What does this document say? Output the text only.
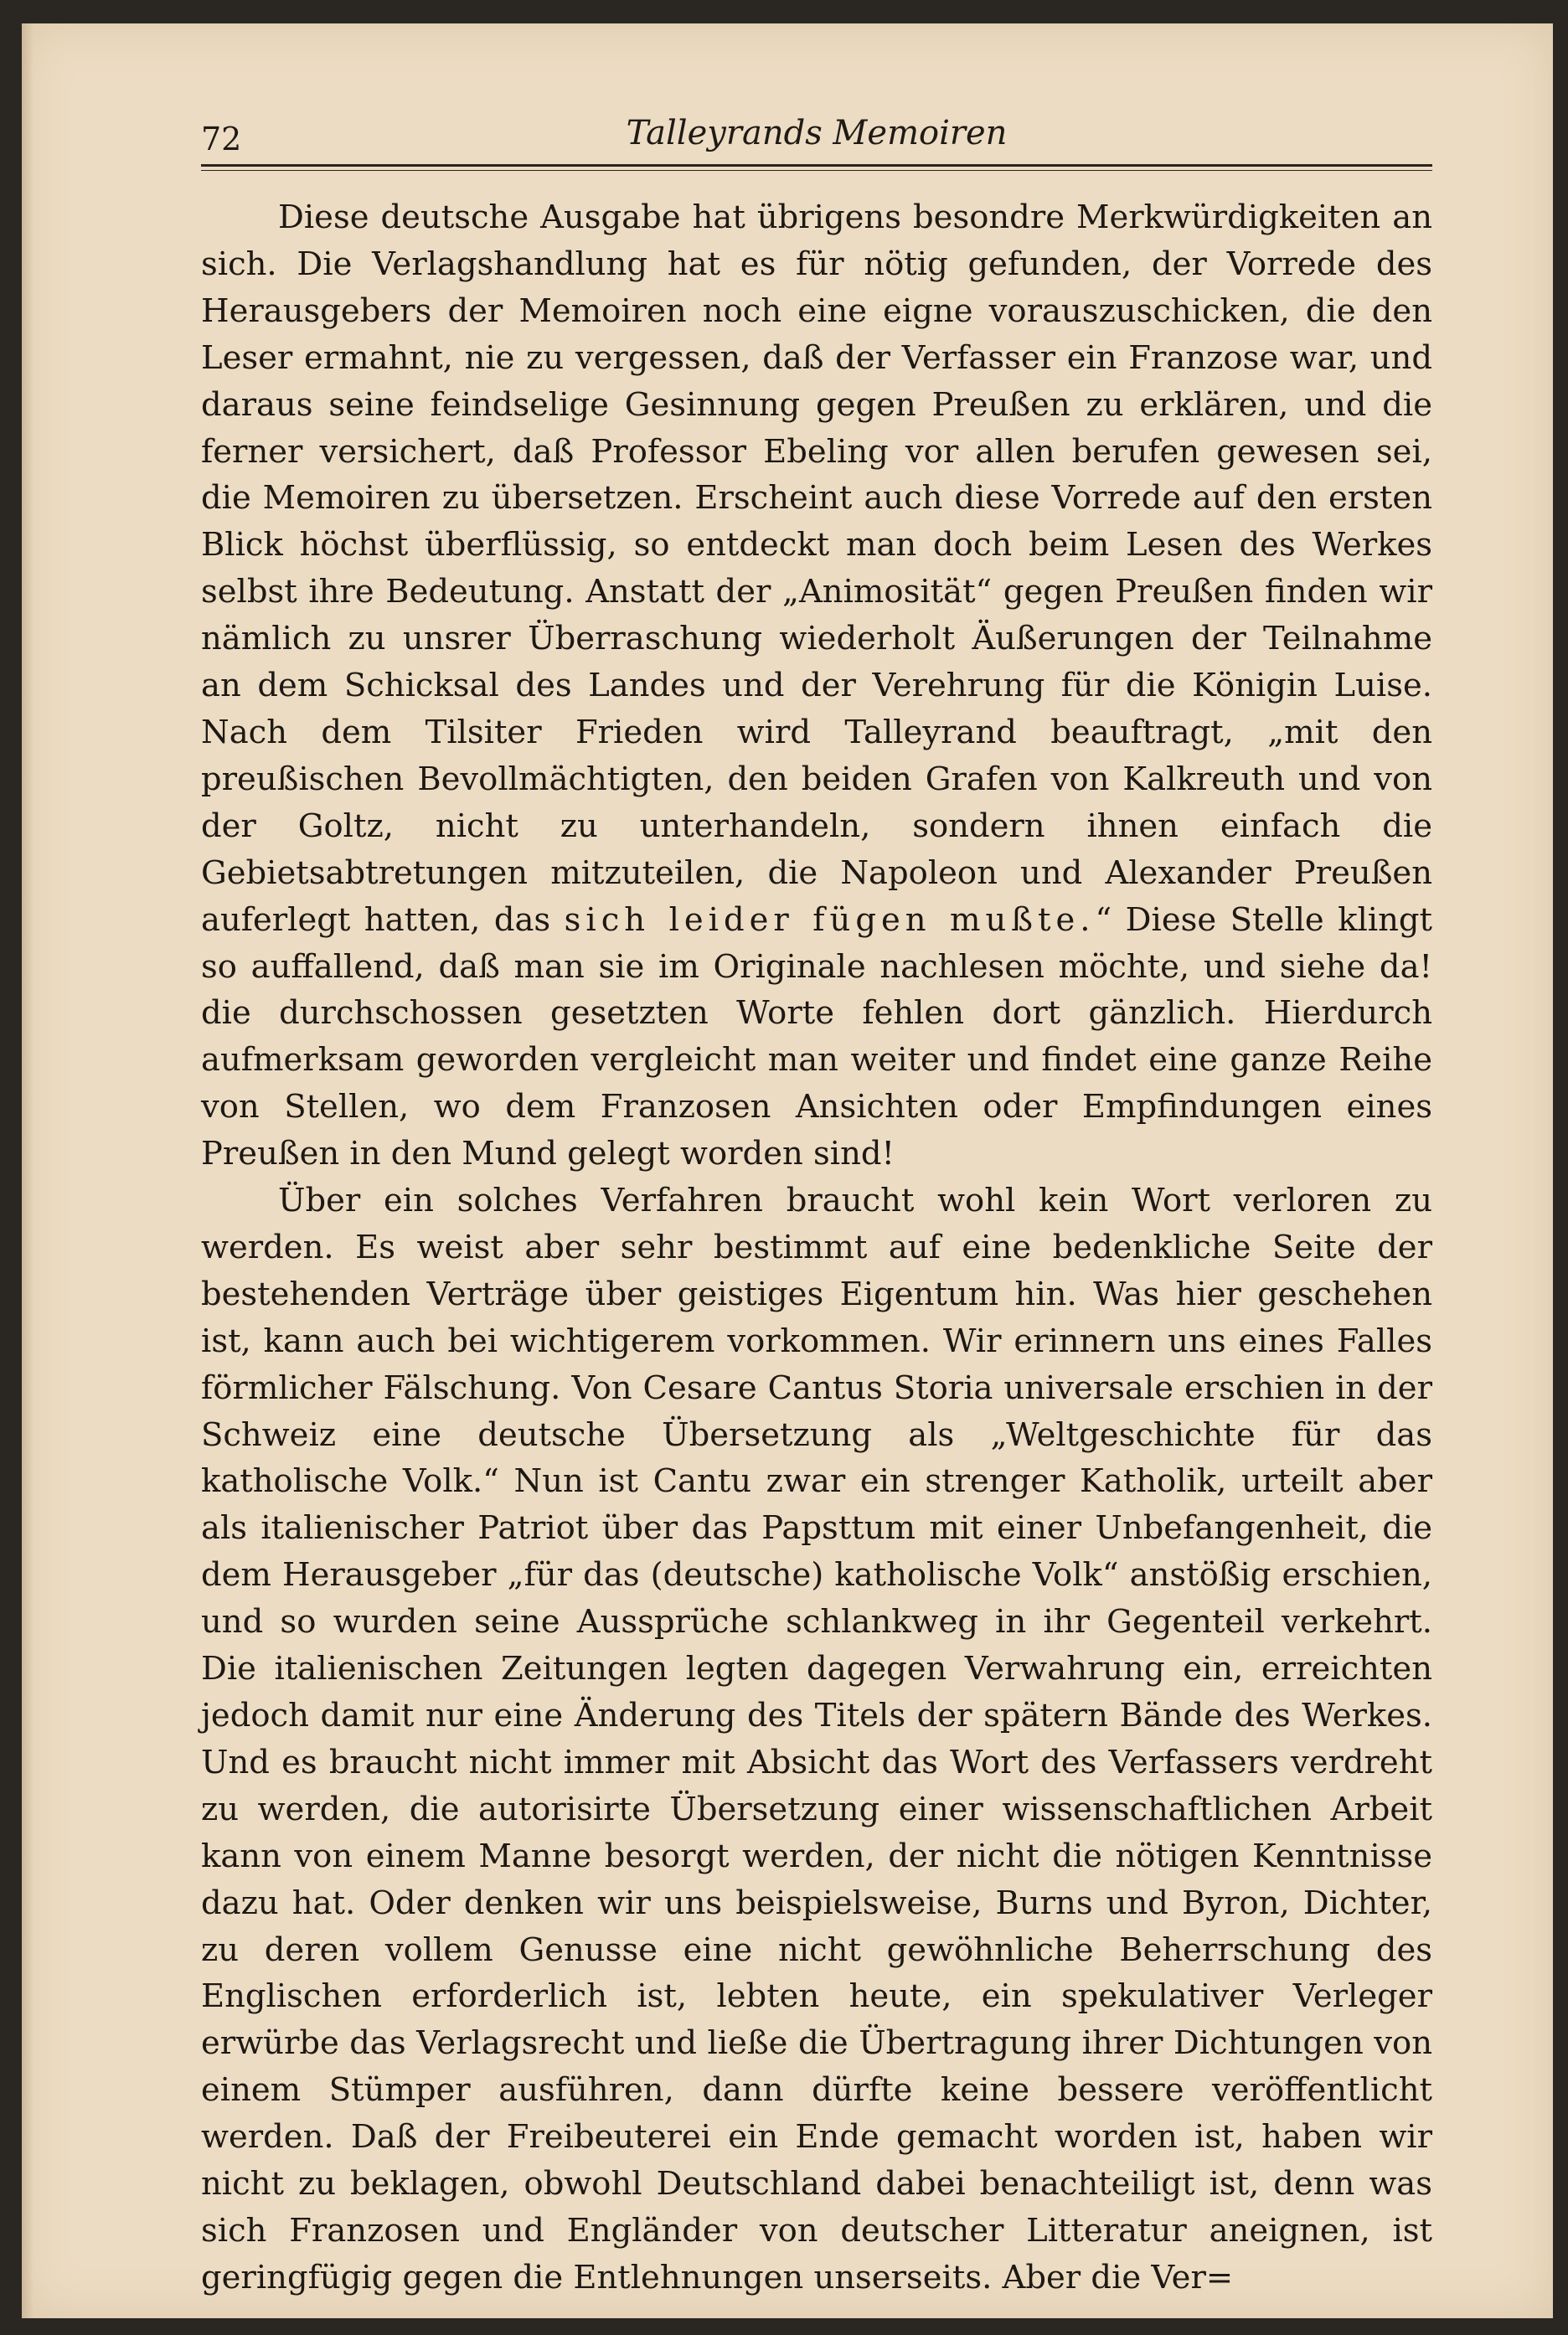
72	Talleyrands Memoiren

Diese deutsche Ausgabe hat übrigens besondre Merkwürdigkeiten an sich. Die Verlagshandlung hat es für nötig gefunden, der Vorrede des Herausgebers der Memoiren noch eine eigne vorauszuschicken, die den Leser ermahnt, nie zu vergessen, daß der Verfasser ein Franzose war, und daraus seine feindselige Gesinnung gegen Preußen zu erklären, und die ferner versichert, daß Professor Ebeling vor allen berufen gewesen sei, die Memoiren zu übersetzen. Erscheint auch diese Vorrede auf den ersten Blick höchst überflüssig, so entdeckt man doch beim Lesen des Werkes selbst ihre Bedeutung. Anstatt der „Animosität“ gegen Preußen finden wir nämlich zu unsrer Überraschung wiederholt Äußerungen der Teilnahme an dem Schicksal des Landes und der Verehrung für die Königin Luise. Nach dem Tilsiter Frieden wird Talleyrand beauftragt, „mit den preußischen Bevollmächtigten, den beiden Grafen von Kalkreuth und von der Goltz, nicht zu unterhandeln, sondern ihnen einfach die Gebietsabtretungen mitzuteilen, die Napoleon und Alexander Preußen auferlegt hatten, das sich leider fügen mußte.“ Diese Stelle klingt so auffallend, daß man sie im Originale nachlesen möchte, und siehe da! die durchschossen gesetzten Worte fehlen dort gänzlich. Hierdurch aufmerksam geworden vergleicht man weiter und findet eine ganze Reihe von Stellen, wo dem Franzosen Ansichten oder Empfindungen eines Preußen in den Mund gelegt worden sind!

Über ein solches Verfahren braucht wohl kein Wort verloren zu werden. Es weist aber sehr bestimmt auf eine bedenkliche Seite der bestehenden Verträge über geistiges Eigentum hin. Was hier geschehen ist, kann auch bei wichtigerem vorkommen. Wir erinnern uns eines Falles förmlicher Fälschung. Von Cesare Cantus Storia universale erschien in der Schweiz eine deutsche Übersetzung als „Weltgeschichte für das katholische Volk.“ Nun ist Cantu zwar ein strenger Katholik, urteilt aber als italienischer Patriot über das Papsttum mit einer Unbefangenheit, die dem Herausgeber „für das (deutsche) katholische Volk“ anstößig erschien, und so wurden seine Aussprüche schlankweg in ihr Gegenteil verkehrt. Die italienischen Zeitungen legten dagegen Verwahrung ein, erreichten jedoch damit nur eine Änderung des Titels der spätern Bände des Werkes. Und es braucht nicht immer mit Absicht das Wort des Verfassers verdreht zu werden, die autorisirte Übersetzung einer wissenschaftlichen Arbeit kann von einem Manne besorgt werden, der nicht die nötigen Kenntnisse dazu hat. Oder denken wir uns beispielsweise, Burns und Byron, Dichter, zu deren vollem Genusse eine nicht gewöhnliche Beherrschung des Englischen erforderlich ist, lebten heute, ein spekulativer Verleger erwürbe das Verlagsrecht und ließe die Übertragung ihrer Dichtungen von einem Stümper ausführen, dann dürfte keine bessere veröffentlicht werden. Daß der Freibeuterei ein Ende gemacht worden ist, haben wir nicht zu beklagen, obwohl Deutschland dabei benachteiligt ist, denn was sich Franzosen und Engländer von deutscher Litteratur aneignen, ist geringfügig gegen die Entlehnungen unserseits. Aber die Ver=
